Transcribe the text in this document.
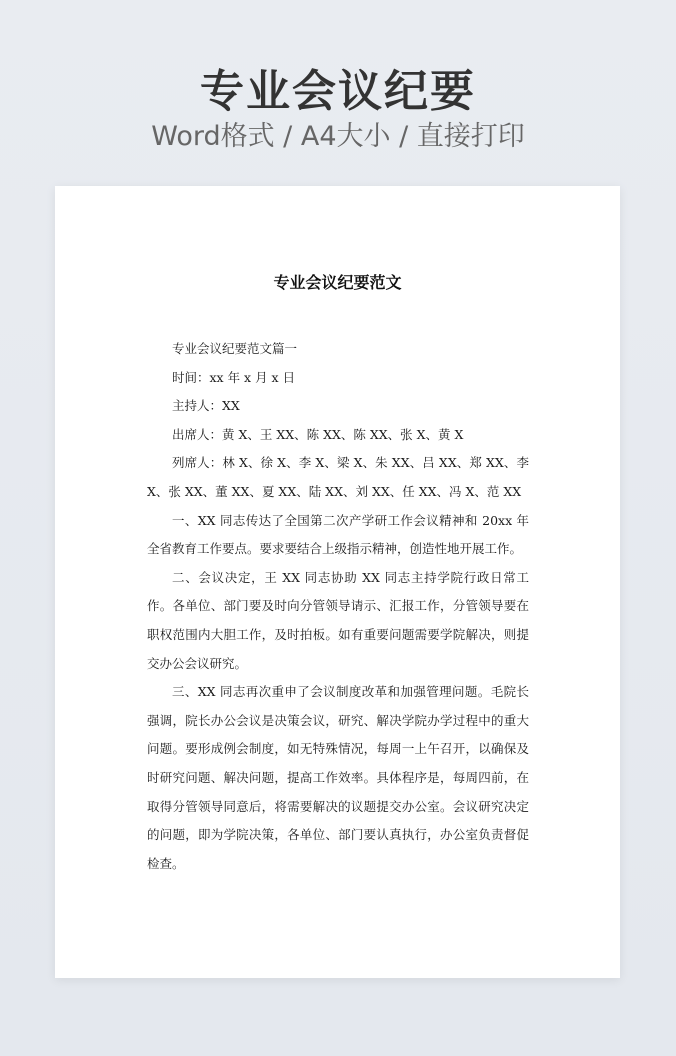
专业会议纪要
Word格式 / A4大小 / 直接打印
专业会议纪要范文

专业会议纪要范文篇一

时间：xx 年 x 月 x 日

主持人：XX

出席人：黄 X、王 XX、陈 XX、陈 XX、张 X、黄 X

列席人：林 X、徐 X、李 X、梁 X、朱 XX、吕 XX、郑 XX、李 X、张 XX、董 XX、夏 XX、陆 XX、刘 XX、任 XX、冯 X、范 XX

一、XX 同志传达了全国第二次产学研工作会议精神和 20xx 年全省教育工作要点。要求要结合上级指示精神，创造性地开展工作。

二、会议决定，王 XX 同志协助 XX 同志主持学院行政日常工作。各单位、部门要及时向分管领导请示、汇报工作，分管领导要在职权范围内大胆工作，及时拍板。如有重要问题需要学院解决，则提交办公会议研究。

三、XX 同志再次重申了会议制度改革和加强管理问题。毛院长强调，院长办公会议是决策会议，研究、解决学院办学过程中的重大问题。要形成例会制度，如无特殊情况，每周一上午召开，以确保及时研究问题、解决问题，提高工作效率。具体程序是，每周四前，在取得分管领导同意后，将需要解决的议题提交办公室。会议研究决定的问题，即为学院决策，各单位、部门要认真执行，办公室负责督促检查。
